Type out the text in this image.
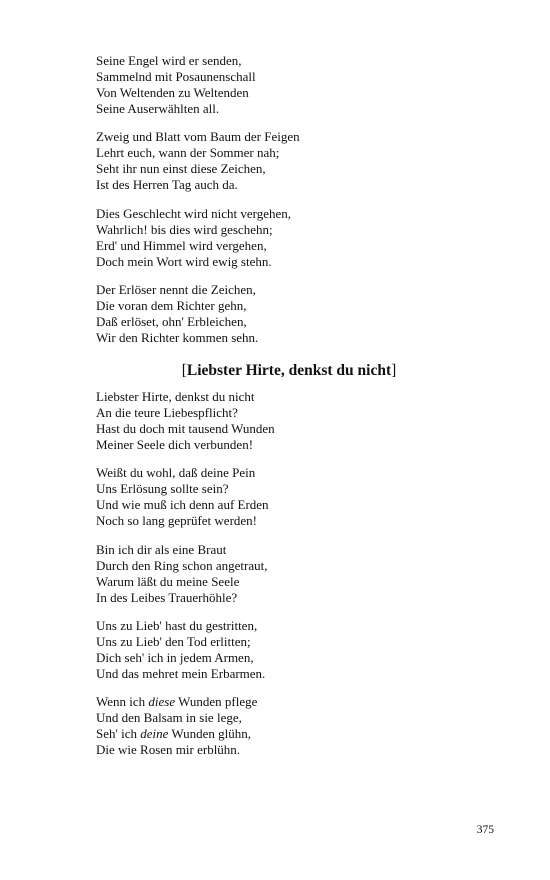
Seine Engel wird er senden,
Sammelnd mit Posaunenschall
Von Weltenden zu Weltenden
Seine Auserwählten all.
Zweig und Blatt vom Baum der Feigen
Lehrt euch, wann der Sommer nah;
Seht ihr nun einst diese Zeichen,
Ist des Herren Tag auch da.
Dies Geschlecht wird nicht vergehen,
Wahrlich! bis dies wird geschehn;
Erd' und Himmel wird vergehen,
Doch mein Wort wird ewig stehn.
Der Erlöser nennt die Zeichen,
Die voran dem Richter gehn,
Daß erlöset, ohn' Erbleichen,
Wir den Richter kommen sehn.
[Liebster Hirte, denkst du nicht]
Liebster Hirte, denkst du nicht
An die teure Liebespflicht?
Hast du doch mit tausend Wunden
Meiner Seele dich verbunden!
Weißt du wohl, daß deine Pein
Uns Erlösung sollte sein?
Und wie muß ich denn auf Erden
Noch so lang geprüfet werden!
Bin ich dir als eine Braut
Durch den Ring schon angetraut,
Warum läßt du meine Seele
In des Leibes Trauerhöhle?
Uns zu Lieb' hast du gestritten,
Uns zu Lieb' den Tod erlitten;
Dich seh' ich in jedem Armen,
Und das mehret mein Erbarmen.
Wenn ich diese Wunden pflege
Und den Balsam in sie lege,
Seh' ich deine Wunden glühn,
Die wie Rosen mir erblühn.
375
